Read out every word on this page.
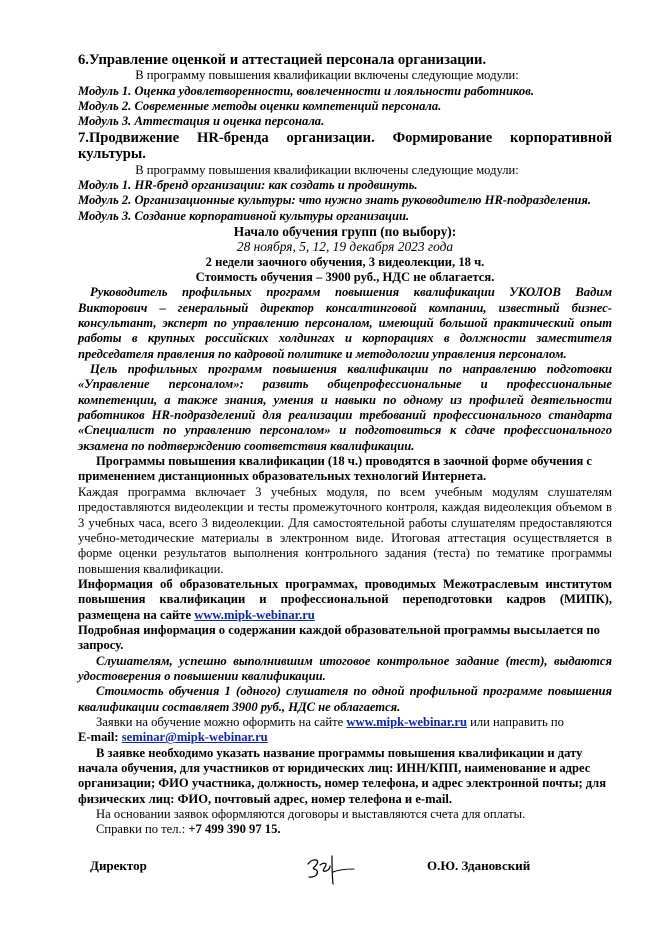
6.Управление оценкой и аттестацией персонала организации.

В программу повышения квалификации включены следующие модули:

Модуль 1. Оценка удовлетворенности, вовлеченности и лояльности работников.

Модуль 2. Современные методы оценки компетенций персонала.

Модуль 3. Аттестация и оценка персонала.

7.Продвижение HR-бренда организации. Формирование корпоративной культуры.

В программу повышения квалификации включены следующие модули:

Модуль 1. HR-бренд организации: как создать и продвинуть.

Модуль 2. Организационные культуры: что нужно знать руководителю HR-подразделения.

Модуль 3. Создание корпоративной культуры организации.

Начало обучения групп (по выбору):

28 ноября, 5, 12, 19 декабря 2023 года

2 недели заочного обучения, 3 видеолекции, 18 ч.

Стоимость обучения – 3900 руб., НДС не облагается.

Руководитель профильных программ повышения квалификации УКОЛОВ Вадим Викторович – генеральный директор консалтинговой компании, известный бизнес-консультант, эксперт по управлению персоналом, имеющий большой практический опыт работы в крупных российских холдингах и корпорациях в должности заместителя председателя правления по кадровой политике и методологии управления персоналом.

Цель профильных программ повышения квалификации по направлению подготовки «Управление персоналом»: развить общепрофессиональные и профессиональные компетенции, а также знания, умения и навыки по одному из профилей деятельности работников HR-подразделений для реализации требований профессионального стандарта «Специалист по управлению персоналом» и подготовиться к сдаче профессионального экзамена по подтверждению соответствия квалификации.

Программы повышения квалификации (18 ч.) проводятся в заочной форме обучения с применением дистанционных образовательных технологий Интернета.

Каждая программа включает 3 учебных модуля, по всем учебным модулям слушателям предоставляются видеолекции и тесты промежуточного контроля, каждая видеолекция объемом в 3 учебных часа, всего 3 видеолекции. Для самостоятельной работы слушателям предоставляются учебно-методические материалы в электронном виде. Итоговая аттестация осуществляется в форме оценки результатов выполнения контрольного задания (теста) по тематике программы повышения квалификации.

Информация об образовательных программах, проводимых Межотраслевым институтом повышения квалификации и профессиональной переподготовки кадров (МИПК), размещена на сайте www.mipk-webinar.ru

Подробная информация о содержании каждой образовательной программы высылается по запросу.

Слушателям, успешно выполнившим итоговое контрольное задание (тест), выдаются удостоверения о повышении квалификации.

Стоимость обучения 1 (одного) слушателя по одной профильной программе повышения квалификации составляет 3900 руб., НДС не облагается.

Заявки на обучение можно оформить на сайте www.mipk-webinar.ru или направить по

E-mail: seminar@mipk-webinar.ru

В заявке необходимо указать название программы повышения квалификации и дату начала обучения, для участников от юридических лиц: ИНН/КПП, наименование и адрес организации; ФИО участника, должность, номер телефона, и адрес электронной почты; для физических лиц: ФИО, почтовый адрес, номер телефона и e-mail.

На основании заявок оформляются договоры и выставляются счета для оплаты.

Справки по тел.: +7 499 390 97 15.

Директор	О.Ю. Здановский
